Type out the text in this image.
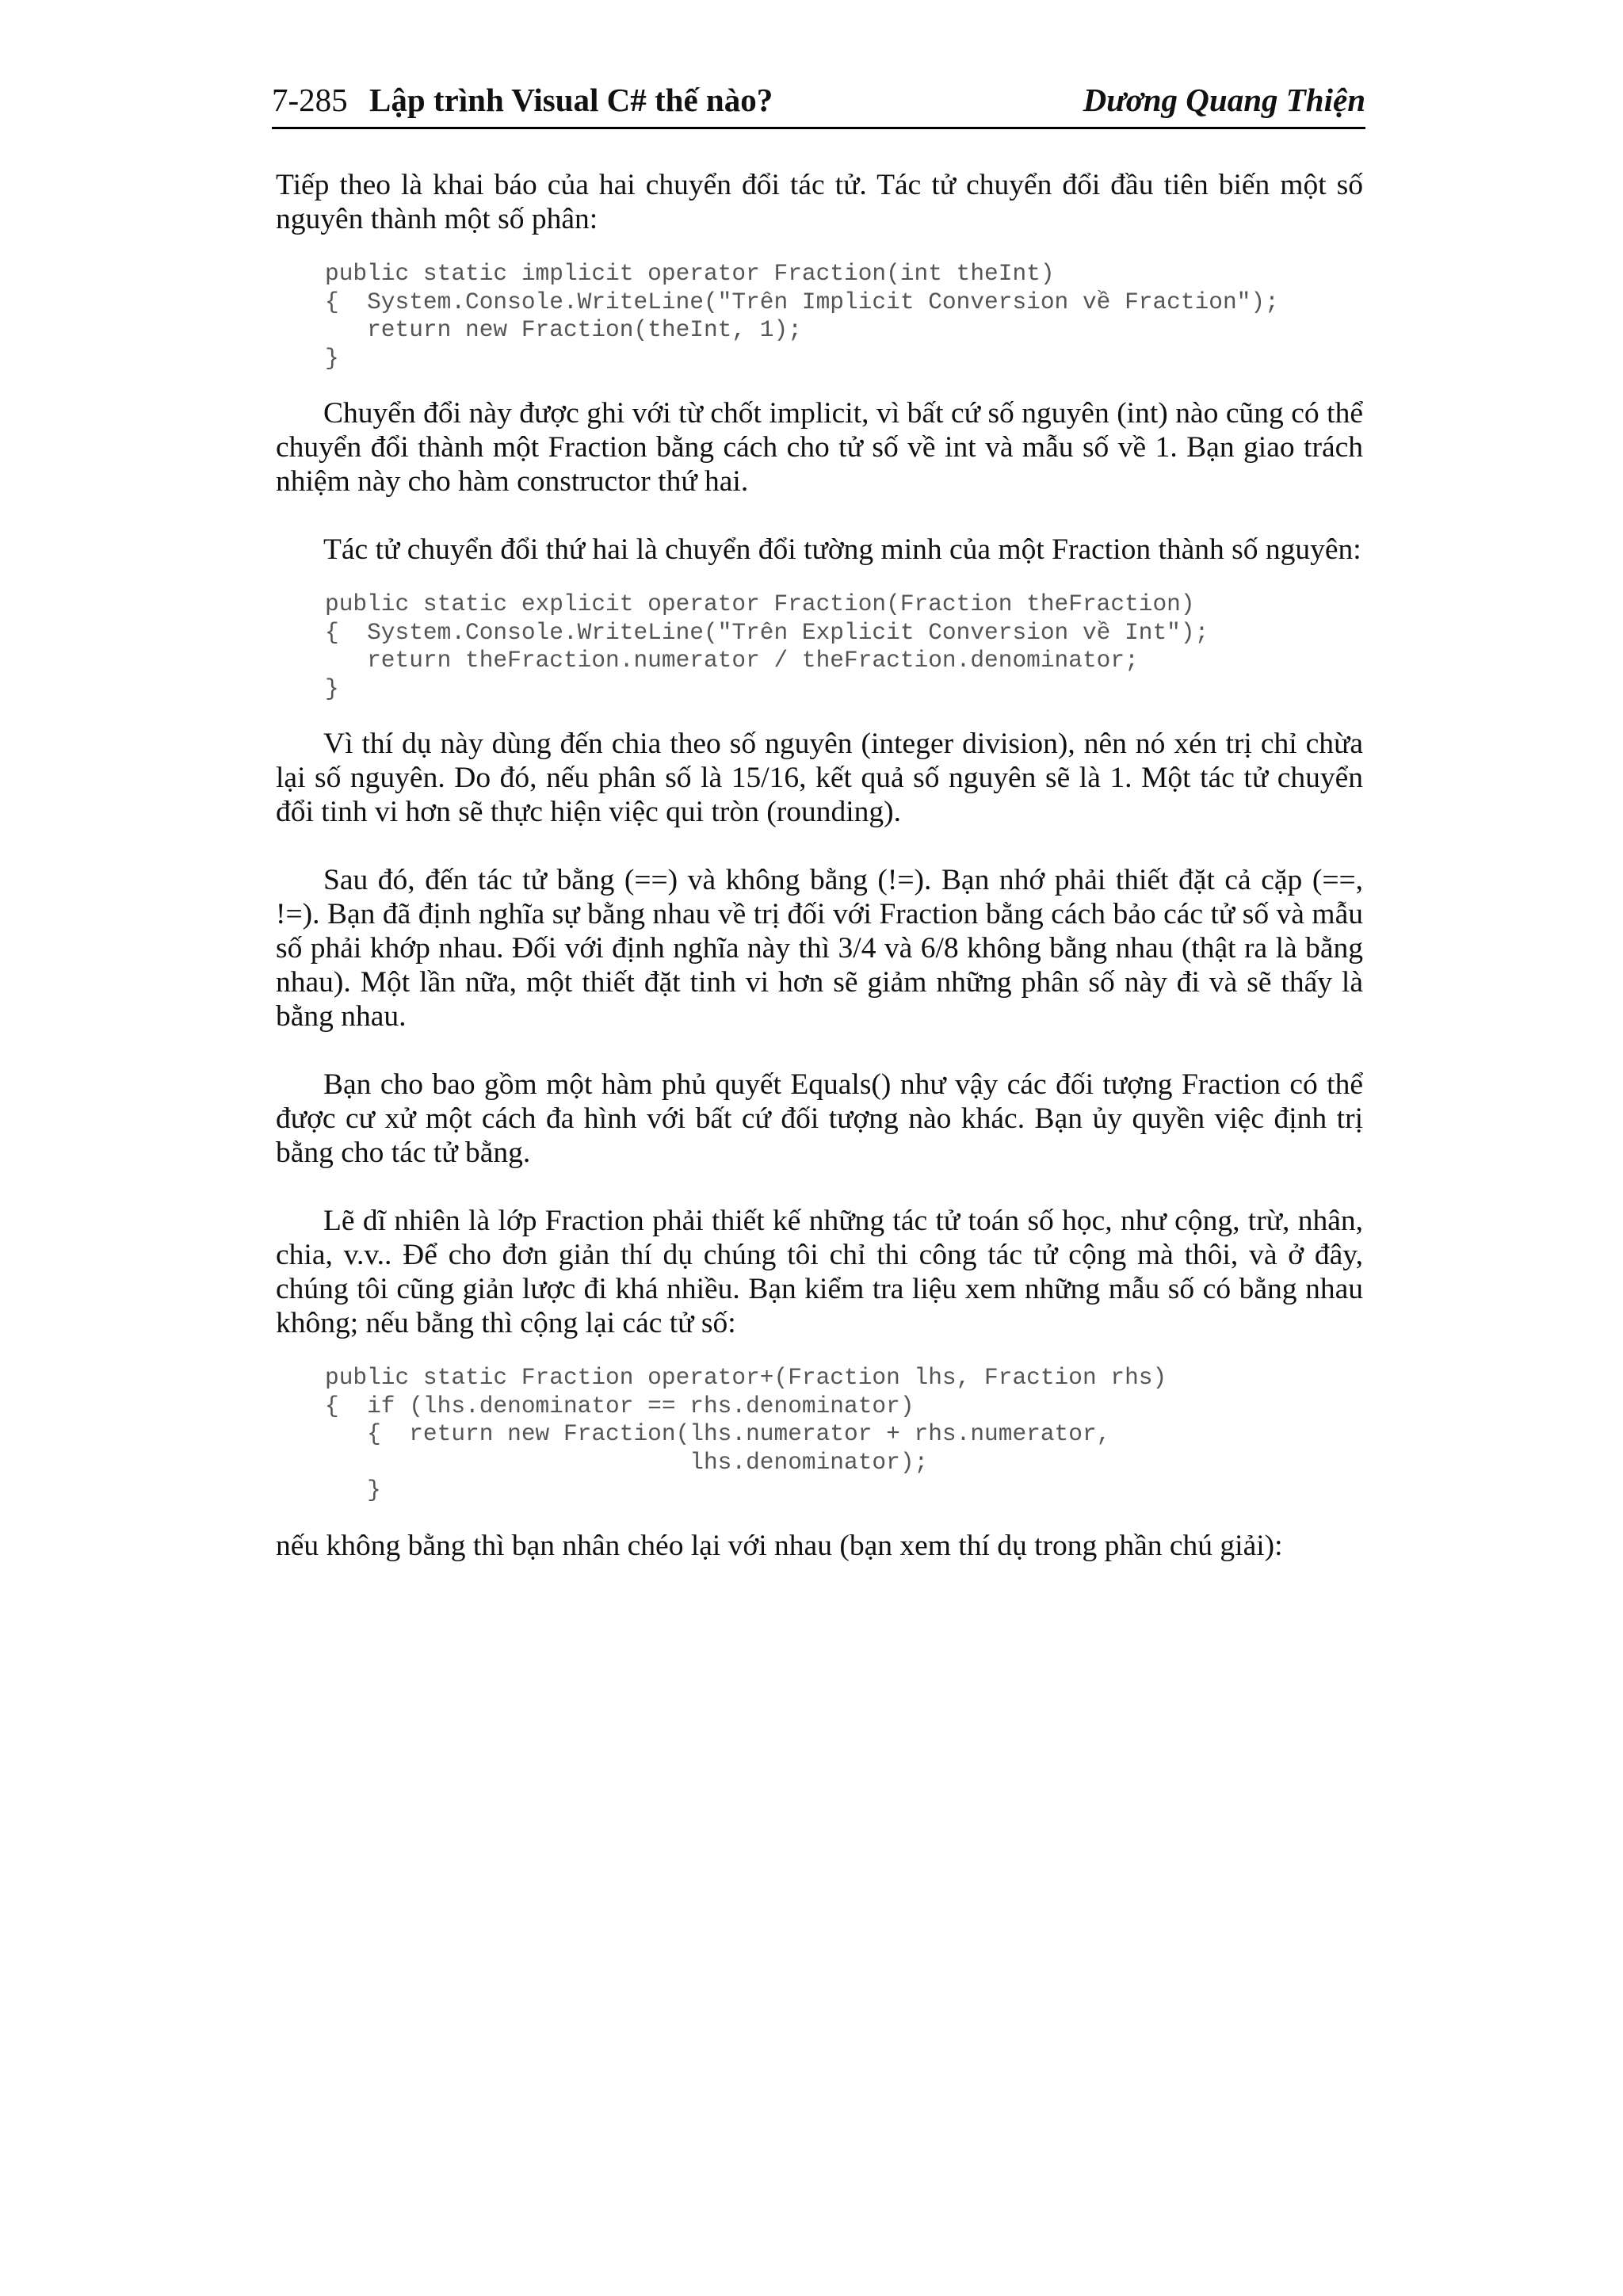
7-285 Lập trình Visual C# thế nào?	Dương Quang Thiện

Tiếp theo là khai báo của hai chuyển đổi tác tử. Tác tử chuyển đổi đầu tiên biến một số nguyên thành một số phân:

public static implicit operator Fraction(int theInt)
{  System.Console.WriteLine("Trên Implicit Conversion về Fraction");
return new Fraction(theInt, 1);
}

Chuyển đổi này được ghi với từ chốt implicit, vì bất cứ số nguyên (int) nào cũng có thể chuyển đổi thành một Fraction bằng cách cho tử số về int và mẫu số về 1. Bạn giao trách nhiệm này cho hàm constructor thứ hai.

Tác tử chuyển đổi thứ hai là chuyển đổi tường minh của một Fraction thành số nguyên:

public static explicit operator Fraction(Fraction theFraction)
{  System.Console.WriteLine("Trên Explicit Conversion về Int");
return theFraction.numerator / theFraction.denominator;
}

Vì thí dụ này dùng đến chia theo số nguyên (integer division), nên nó xén trị chỉ chừa lại số nguyên. Do đó, nếu phân số là 15/16, kết quả số nguyên sẽ là 1. Một tác tử chuyển đổi tinh vi hơn sẽ thực hiện việc qui tròn (rounding).

Sau đó, đến tác tử bằng (==) và không bằng (!=). Bạn nhớ phải thiết đặt cả cặp (==, !=). Bạn đã định nghĩa sự bằng nhau về trị đối với Fraction bằng cách bảo các tử số và mẫu số phải khớp nhau. Đối với định nghĩa này thì 3/4 và 6/8 không bằng nhau (thật ra là bằng nhau). Một lần nữa, một thiết đặt tinh vi hơn sẽ giảm những phân số này đi và sẽ thấy là bằng nhau.

Bạn cho bao gồm một hàm phủ quyết Equals() như vậy các đối tượng Fraction có thể được cư xử một cách đa hình với bất cứ đối tượng nào khác. Bạn ủy quyền việc định trị bằng cho tác tử bằng.

Lẽ dĩ nhiên là lớp Fraction phải thiết kế những tác tử toán số học, như cộng, trừ, nhân, chia, v.v.. Để cho đơn giản thí dụ chúng tôi chỉ thi công tác tử cộng mà thôi, và ở đây, chúng tôi cũng giản lược đi khá nhiều. Bạn kiểm tra liệu xem những mẫu số có bằng nhau không; nếu bằng thì cộng lại các tử số:

public static Fraction operator+(Fraction lhs, Fraction rhs)
{  if (lhs.denominator == rhs.denominator)
{  return new Fraction(lhs.numerator + rhs.numerator,
lhs.denominator);
}

nếu không bằng thì bạn nhân chéo lại với nhau (bạn xem thí dụ trong phần chú giải):
